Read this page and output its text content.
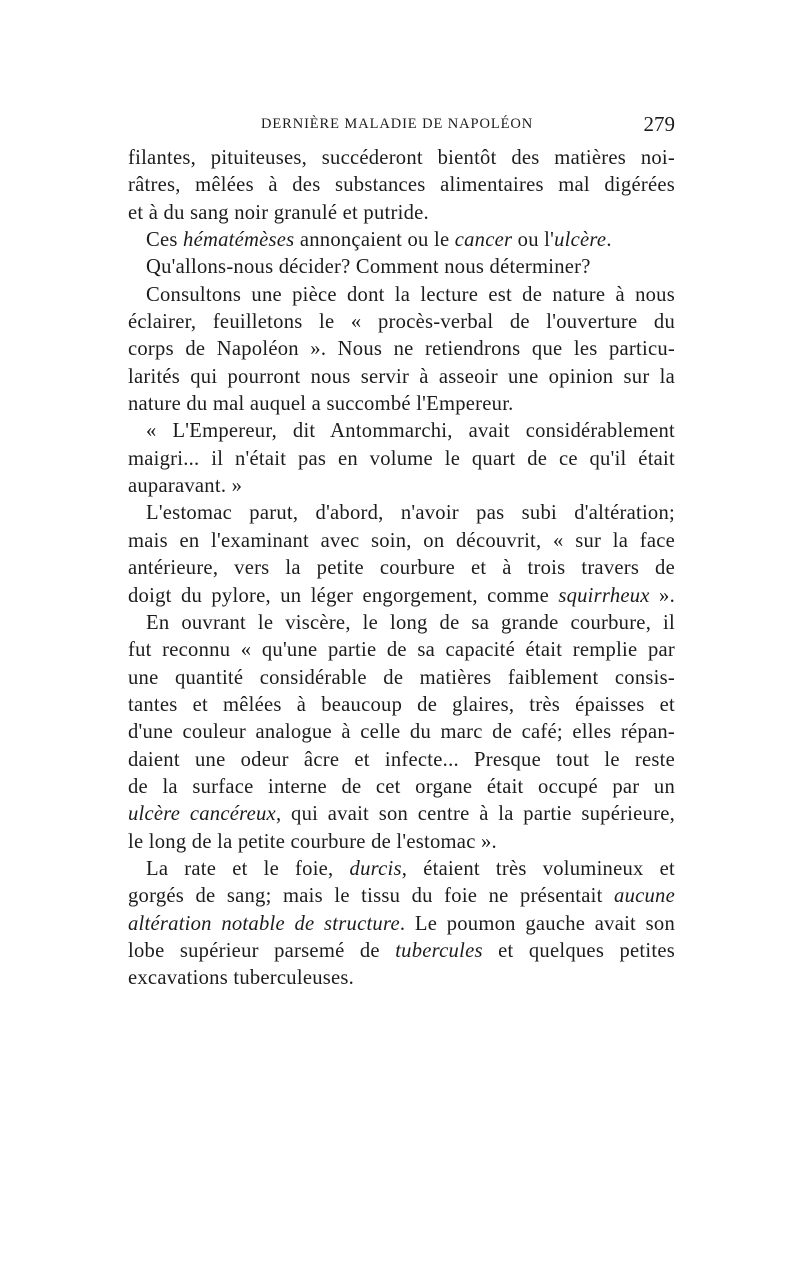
DERNIÈRE MALADIE DE NAPOLÉON	279
filantes, pituiteuses, succéderont bientôt des matières noi-
râtres, mêlées à des substances alimentaires mal digérées
et à du sang noir granulé et putride.
Ces hématémèses annonçaient ou le cancer ou l'ulcère.
Qu'allons-nous décider? Comment nous déterminer?
Consultons une pièce dont la lecture est de nature à nous
éclairer, feuilletons le « procès-verbal de l'ouverture du
corps de Napoléon ». Nous ne retiendrons que les particu-
larités qui pourront nous servir à asseoir une opinion sur la
nature du mal auquel a succombé l'Empereur.
« L'Empereur, dit Antommarchi, avait considérablement
maigri... il n'était pas en volume le quart de ce qu'il était
auparavant. »
L'estomac parut, d'abord, n'avoir pas subi d'altération;
mais en l'examinant avec soin, on découvrit, « sur la face
antérieure, vers la petite courbure et à trois travers de
doigt du pylore, un léger engorgement, comme squirrheux ».
En ouvrant le viscère, le long de sa grande courbure, il
fut reconnu « qu'une partie de sa capacité était remplie par
une quantité considérable de matières faiblement consis-
tantes et mêlées à beaucoup de glaires, très épaisses et
d'une couleur analogue à celle du marc de café; elles répan-
daient une odeur âcre et infecte... Presque tout le reste
de la surface interne de cet organe était occupé par un
ulcère cancéreux, qui avait son centre à la partie supérieure,
le long de la petite courbure de l'estomac ».
La rate et le foie, durcis, étaient très volumineux et
gorgés de sang; mais le tissu du foie ne présentait aucune
altération notable de structure. Le poumon gauche avait son
lobe supérieur parsemé de tubercules et quelques petites
excavations tuberculeuses.
